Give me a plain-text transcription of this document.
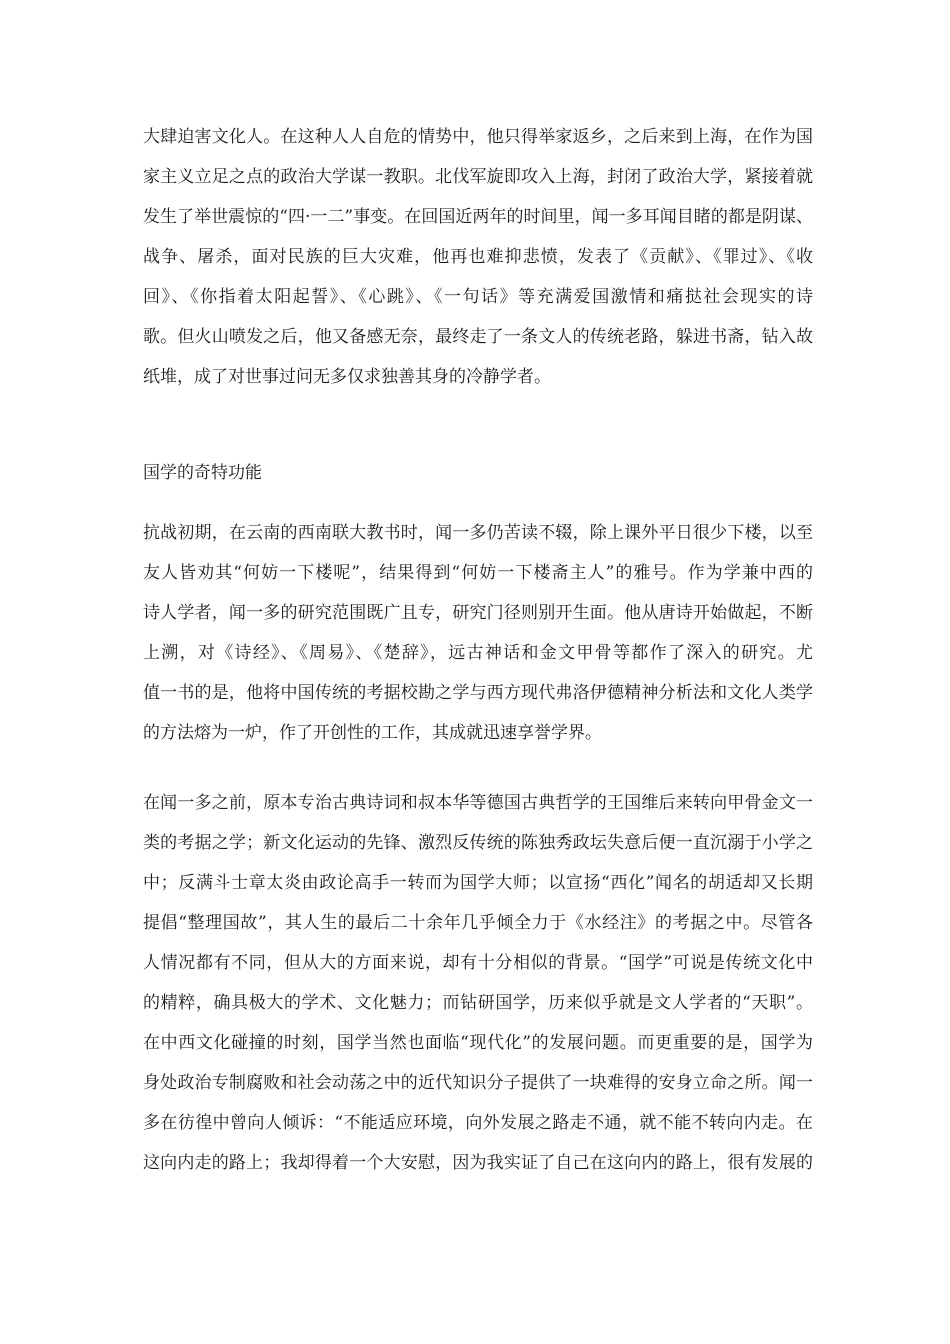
大肆迫害文化人。在这种人人自危的情势中，他只得举家返乡，之后来到上海，在作为国
家主义立足之点的政治大学谋一教职。北伐军旋即攻入上海，封闭了政治大学，紧接着就
发生了举世震惊的“四·一二”事变。在回国近两年的时间里，闻一多耳闻目睹的都是阴谋、
战争、屠杀，面对民族的巨大灾难，他再也难抑悲愤，发表了《贡献》、《罪过》、《收
回》、《你指着太阳起誓》、《心跳》、《一句话》等充满爱国激情和痛挞社会现实的诗
歌。但火山喷发之后，他又备感无奈，最终走了一条文人的传统老路，躲进书斋，钻入故
纸堆，成了对世事过问无多仅求独善其身的冷静学者。
国学的奇特功能
抗战初期，在云南的西南联大教书时，闻一多仍苦读不辍，除上课外平日很少下楼，以至
友人皆劝其“何妨一下楼呢”，结果得到“何妨一下楼斋主人”的雅号。作为学兼中西的
诗人学者，闻一多的研究范围既广且专，研究门径则别开生面。他从唐诗开始做起，不断
上溯，对《诗经》、《周易》、《楚辞》，远古神话和金文甲骨等都作了深入的研究。尤
值一书的是，他将中国传统的考据校勘之学与西方现代弗洛伊德精神分析法和文化人类学
的方法熔为一炉，作了开创性的工作，其成就迅速享誉学界。
在闻一多之前，原本专治古典诗词和叔本华等德国古典哲学的王国维后来转向甲骨金文一
类的考据之学；新文化运动的先锋、激烈反传统的陈独秀政坛失意后便一直沉溺于小学之
中；反满斗士章太炎由政论高手一转而为国学大师；以宣扬“西化”闻名的胡适却又长期
提倡“整理国故”，其人生的最后二十余年几乎倾全力于《水经注》的考据之中。尽管各
人情况都有不同，但从大的方面来说，却有十分相似的背景。“国学”可说是传统文化中
的精粹，确具极大的学术、文化魅力；而钻研国学，历来似乎就是文人学者的“天职”。
在中西文化碰撞的时刻，国学当然也面临“现代化”的发展问题。而更重要的是，国学为
身处政治专制腐败和社会动荡之中的近代知识分子提供了一块难得的安身立命之所。闻一
多在彷徨中曾向人倾诉：“不能适应环境，向外发展之路走不通，就不能不转向内走。在
这向内走的路上；我却得着一个大安慰，因为我实证了自己在这向内的路上，很有发展的
